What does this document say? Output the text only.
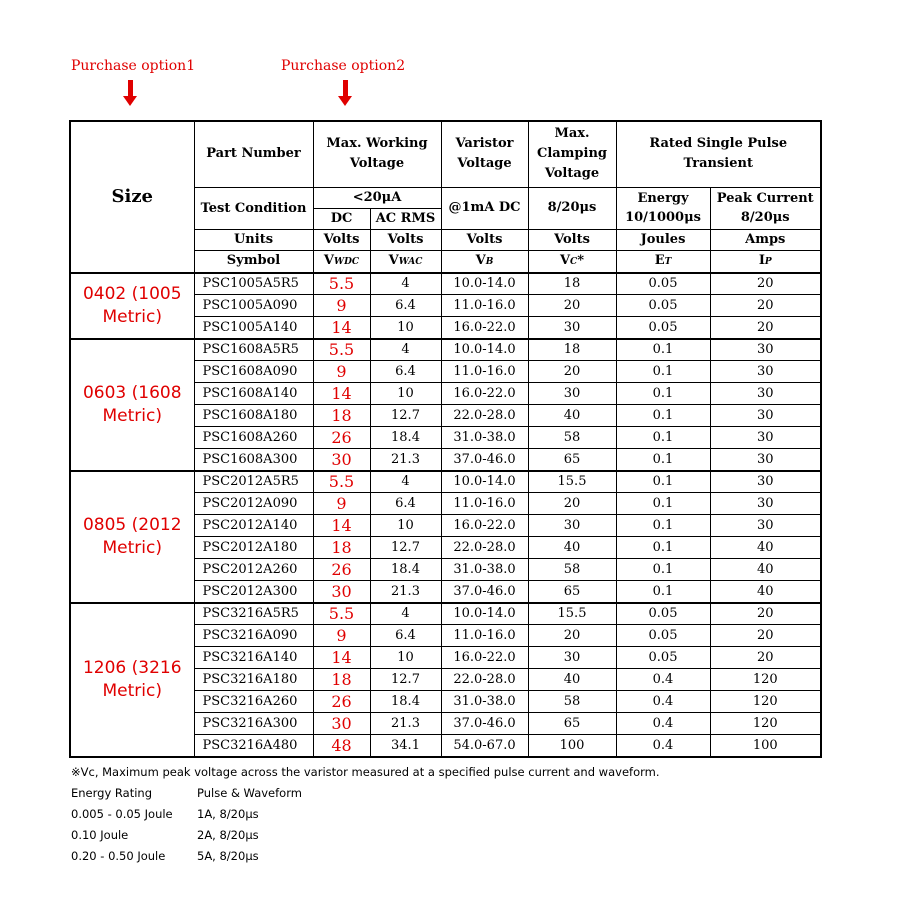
Purchase option1	Purchase option2
Size	Part Number	Max. Working Voltage		Varistor Voltage	Max. Clamping Voltage	Rated Single Pulse Transient	
	Test Condition	<20μA		@1mA DC	8/20μs	Energy 10/1000μs	Peak Current 8/20μs
		DC	AC RMS				
	Units	Volts	Volts	Volts	Volts	Joules	Amps
	Symbol	VWDC	VWAC	VB	VC*	ET	IP
0402 (1005 Metric)	PSC1005A5R5	5.5	4	10.0-14.0	18	0.05	20
	PSC1005A090	9	6.4	11.0-16.0	20	0.05	20
	PSC1005A140	14	10	16.0-22.0	30	0.05	20
0603 (1608 Metric)	PSC1608A5R5	5.5	4	10.0-14.0	18	0.1	30
	PSC1608A090	9	6.4	11.0-16.0	20	0.1	30
	PSC1608A140	14	10	16.0-22.0	30	0.1	30
	PSC1608A180	18	12.7	22.0-28.0	40	0.1	30
	PSC1608A260	26	18.4	31.0-38.0	58	0.1	30
	PSC1608A300	30	21.3	37.0-46.0	65	0.1	30
0805 (2012 Metric)	PSC2012A5R5	5.5	4	10.0-14.0	15.5	0.1	30
	PSC2012A090	9	6.4	11.0-16.0	20	0.1	30
	PSC2012A140	14	10	16.0-22.0	30	0.1	30
	PSC2012A180	18	12.7	22.0-28.0	40	0.1	40
	PSC2012A260	26	18.4	31.0-38.0	58	0.1	40
	PSC2012A300	30	21.3	37.0-46.0	65	0.1	40
1206 (3216 Metric)	PSC3216A5R5	5.5	4	10.0-14.0	15.5	0.05	20
	PSC3216A090	9	6.4	11.0-16.0	20	0.05	20
	PSC3216A140	14	10	16.0-22.0	30	0.05	20
	PSC3216A180	18	12.7	22.0-28.0	40	0.4	120
	PSC3216A260	26	18.4	31.0-38.0	58	0.4	120
	PSC3216A300	30	21.3	37.0-46.0	65	0.4	120
	PSC3216A480	48	34.1	54.0-67.0	100	0.4	100
※Vc, Maximum peak voltage across the varistor measured at a specified pulse current and waveform.
Energy Rating	Pulse & Waveform
0.005 - 0.05 Joule 1A, 8/20μs
0.10 Joule	2A, 8/20μs
0.20 - 0.50 Joule	5A, 8/20μs
